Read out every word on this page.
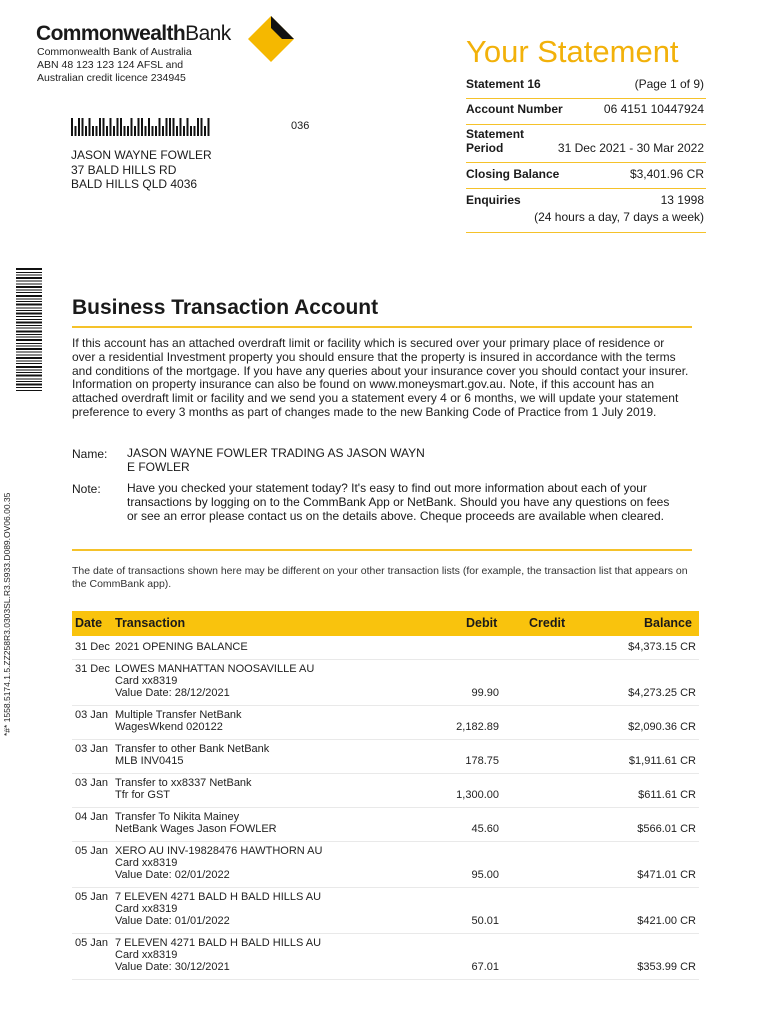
CommonwealthBank
Commonwealth Bank of Australia
ABN 48 123 123 124 AFSL and
Australian credit licence 234945
Your Statement
Statement 16	(Page 1 of 9)
Account Number	06 4151 10447924
Statement
Period	31 Dec 2021 - 30 Mar 2022
Closing Balance	$3,401.96 CR
Enquiries	13 1998
(24 hours a day, 7 days a week)
036
JASON WAYNE FOWLER
37 BALD HILLS RD
BALD HILLS QLD 4036
*#* 1558.5174.1.5.ZZ258R3.0303SL.R3.S933.D089.OV06.00.35
Business Transaction Account
If this account has an attached overdraft limit or facility which is secured over your primary place of residence or over a residential Investment property you should ensure that the property is insured in accordance with the terms and conditions of the mortgage. If you have any queries about your insurance cover you should contact your insurer. Information on property insurance can also be found on www.moneysmart.gov.au. Note, if this account has an attached overdraft limit or facility and we send you a statement every 4 or 6 months, we will update your statement preference to every 3 months as part of changes made to the new Banking Code of Practice from 1 July 2019.
Name: JASON WAYNE FOWLER TRADING AS JASON WAYN
E FOWLER
Note: Have you checked your statement today? It's easy to find out more information about each of your transactions by logging on to the CommBank App or NetBank. Should you have any questions on fees or see an error please contact us on the details above. Cheque proceeds are available when cleared.
The date of transactions shown here may be different on your other transaction lists (for example, the transaction list that appears on the CommBank app).
Date Transaction	Debit	Credit	Balance
31 Dec 2021 OPENING BALANCE	$4,373.15 CR
31 Dec LOWES MANHATTAN NOOSAVILLE AU
Card xx8319
Value Date: 28/12/2021	99.90	$4,273.25 CR
03 Jan Multiple Transfer NetBank
WagesWkend 020122	2,182.89	$2,090.36 CR
03 Jan Transfer to other Bank NetBank
MLB INV0415	178.75	$1,911.61 CR
03 Jan Transfer to xx8337 NetBank
Tfr for GST	1,300.00	$611.61 CR
04 Jan Transfer To Nikita Mainey
NetBank Wages Jason FOWLER	45.60	$566.01 CR
05 Jan XERO AU INV-19828476 HAWTHORN AU
Card xx8319
Value Date: 02/01/2022	95.00	$471.01 CR
05 Jan 7 ELEVEN 4271 BALD H BALD HILLS AU
Card xx8319
Value Date: 01/01/2022	50.01	$421.00 CR
05 Jan 7 ELEVEN 4271 BALD H BALD HILLS AU
Card xx8319
Value Date: 30/12/2021	67.01	$353.99 CR
